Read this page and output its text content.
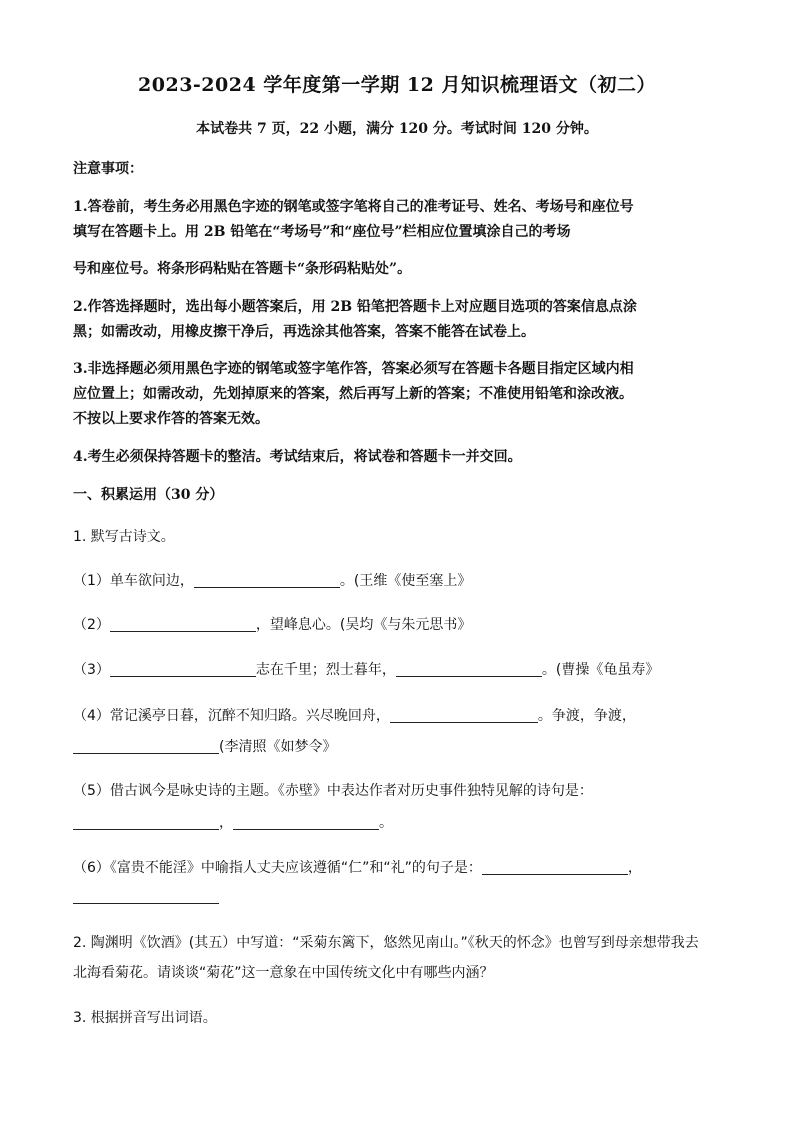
2023-2024 学年度第一学期 12 月知识梳理语文（初二）
本试卷共 7 页，22 小题，满分 120 分。考试时间 120 分钟。
注意事项：
1.答卷前，考生务必用黑色字迹的钢笔或签字笔将自己的准考证号、姓名、考场号和座位号
填写在答题卡上。用 2B 铅笔在“考场号”和“座位号”栏相应位置填涂自己的考场
号和座位号。将条形码粘贴在答题卡“条形码粘贴处”。
2.作答选择题时，选出每小题答案后，用 2B 铅笔把答题卡上对应题目选项的答案信息点涂
黑；如需改动，用橡皮擦干净后，再选涂其他答案，答案不能答在试卷上。
3.非选择题必须用黑色字迹的钢笔或签字笔作答，答案必须写在答题卡各题目指定区域内相
应位置上；如需改动，先划掉原来的答案，然后再写上新的答案；不准使用铅笔和涂改液。
不按以上要求作答的答案无效。
4.考生必须保持答题卡的整洁。考试结束后，将试卷和答题卡一并交回。
一、积累运用（30 分）
1. 默写古诗文。
（1）单车欲问边，	。(王维《使至塞上》
（2）	，望峰息心。(吴均《与朱元思书》
（3）	志在千里；烈士暮年，	。(曹操《龟虽寿》
（4）常记溪亭日暮，沉醉不知归路。兴尽晚回舟，	。争渡，争渡，
(李清照《如梦令》
（5）借古讽今是咏史诗的主题。《赤壁》中表达作者对历史事件独特见解的诗句是：
，	。
（6）《富贵不能淫》中喻指人丈夫应该遵循“仁”和“礼”的句子是：	，
2. 陶渊明《饮酒》(其五）中写道：“采菊东篱下，悠然见南山。”《秋天的怀念》也曾写到母亲想带我去
北海看菊花。请谈谈“菊花”这一意象在中国传统文化中有哪些内涵？
3. 根据拼音写出词语。
